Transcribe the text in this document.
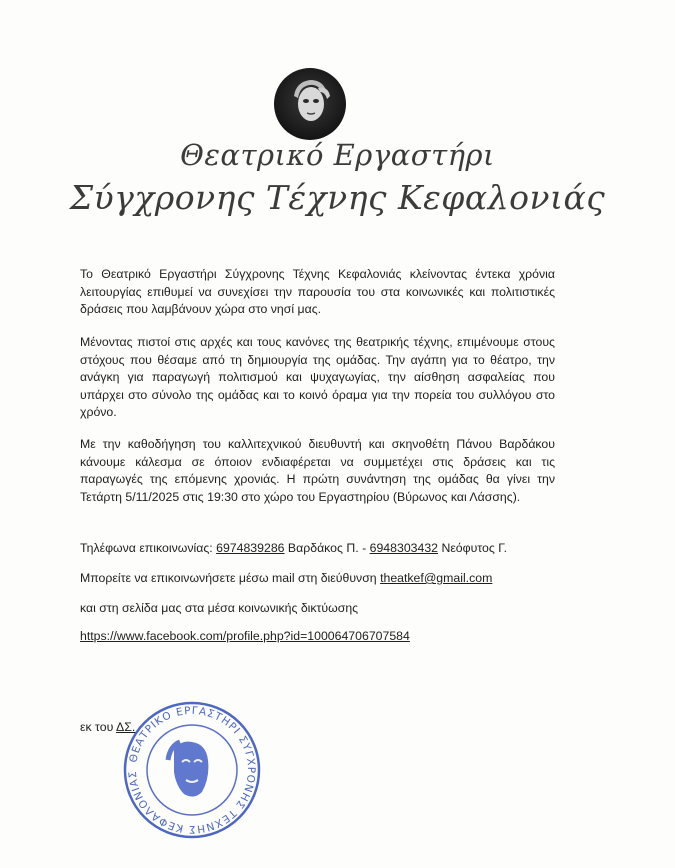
Θεατρικό Εργαστήρι
Σύγχρονης Τέχνης Κεφαλονιάς
Το Θεατρικό Εργαστήρι Σύγχρονης Τέχνης Κεφαλονιάς κλείνοντας έντεκα χρόνια λειτουργίας επιθυμεί να συνεχίσει την παρουσία του στα κοινωνικές και πολιτιστικές δράσεις που λαμβάνουν χώρα στο νησί μας.
Μένοντας πιστοί στις αρχές και τους κανόνες της θεατρικής τέχνης, επιμένουμε στους στόχους που θέσαμε από τη δημιουργία της ομάδας. Την αγάπη για το θέατρο, την ανάγκη για παραγωγή πολιτισμού και ψυχαγωγίας, την αίσθηση ασφαλείας που υπάρχει στο σύνολο της ομάδας και το κοινό όραμα για την πορεία του συλλόγου στο χρόνο.
Με την καθοδήγηση του καλλιτεχνικού διευθυντή και σκηνοθέτη Πάνου Βαρδάκου κάνουμε κάλεσμα σε όποιον ενδιαφέρεται να συμμετέχει στις δράσεις και τις παραγωγές της επόμενης χρονιάς. Η πρώτη συνάντηση της ομάδας θα γίνει την Τετάρτη 5/11/2025 στις 19:30 στο χώρο του Εργαστηρίου (Βύρωνος και Λάσσης).
Τηλέφωνα επικοινωνίας: 6974839286 Βαρδάκος Π. - 6948303432 Νεόφυτος Γ.
Μπορείτε να επικοινωνήσετε μέσω mail στη διεύθυνση theatkef@gmail.com
και στη σελίδα μας στα μέσα κοινωνικής δικτύωσης
https://www.facebook.com/profile.php?id=100064706707584
εκ του ΔΣ.
ΘΕΑΤΡΙΚΟ ΕΡΓΑΣΤΗΡΙ ΣΥΓΧΡΟΝΗΣ ΤΕΧΝΗΣ ΚΕΦΑΛΟΝΙΑΣ
